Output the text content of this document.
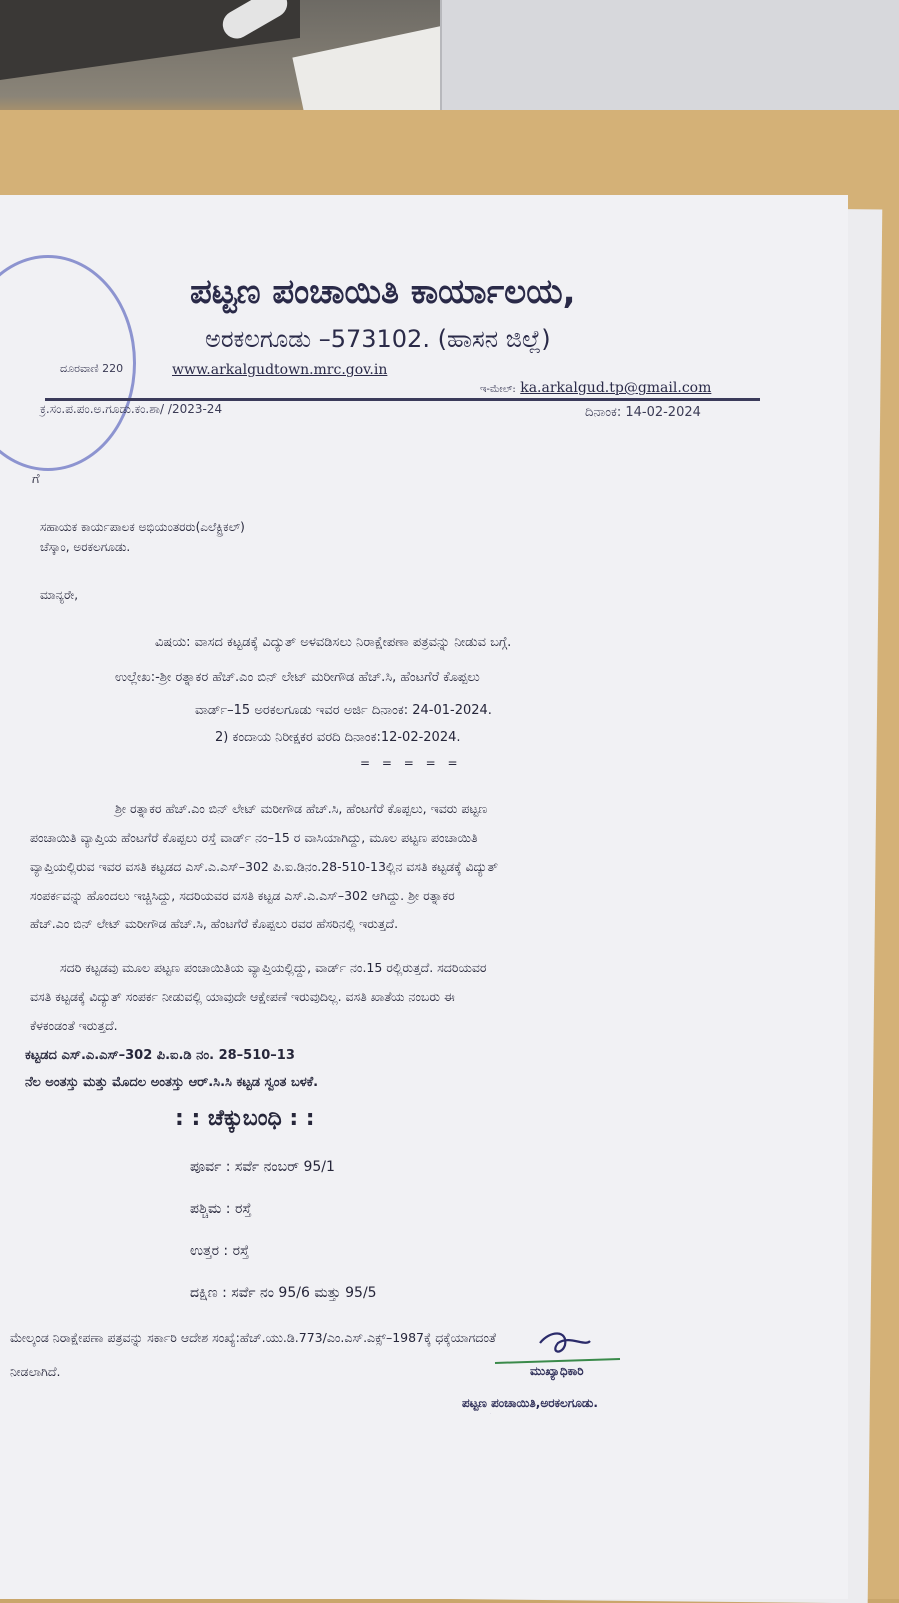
ಪಟ್ಟಣ ಪಂಚಾಯಿತಿ ಕಾರ್ಯಾಲಯ,
ಅರಕಲಗೂಡು –573102. (ಹಾಸನ ಜಿಲ್ಲೆ)
ದೂರವಾಣಿ 220	www.arkalgudtown.mrc.gov.in
ಇ-ಮೇಲ್: ka.arkalgud.tp@gmail.com
ಕ್ರ.ಸಂ.ಪ.ಪಂ.ಅ.ಗೂಡು.ಕಂ.ಶಾ/ /2023-24	ದಿನಾಂಕ: 14-02-2024
ಗೆ
ಸಹಾಯಕ ಕಾರ್ಯಪಾಲಕ ಅಭಿಯಂತರರು(ಎಲೆಕ್ಟ್ರಿಕಲ್)
ಚೆಸ್ಕಾಂ, ಅರಕಲಗೂಡು.
ಮಾನ್ಯರೇ,
ವಿಷಯ: ವಾಸದ ಕಟ್ಟಡಕ್ಕೆ ವಿದ್ಯುತ್ ಅಳವಡಿಸಲು ನಿರಾಕ್ಷೇಪಣಾ ಪತ್ರವನ್ನು ನೀಡುವ ಬಗ್ಗೆ.
ಉಲ್ಲೇಖ:-ಶ್ರೀ ರತ್ನಾಕರ ಹೆಚ್.ಎಂ ಬಿನ್ ಲೇಟ್ ಮರೀಗೌಡ ಹೆಚ್.ಸಿ, ಹೆಂಟಗೆರೆ ಕೊಪ್ಪಲು
ವಾರ್ಡ್–15 ಅರಕಲಗೂಡು ಇವರ ಅರ್ಜಿ ದಿನಾಂಕ: 24-01-2024.
2) ಕಂದಾಯ ನಿರೀಕ್ಷಕರ ವರದಿ ದಿನಾಂಕ:12-02-2024.
= = = = =
ಶ್ರೀ ರತ್ನಾಕರ ಹೆಚ್.ಎಂ ಬಿನ್ ಲೇಟ್ ಮರೀಗೌಡ ಹೆಚ್.ಸಿ, ಹೆಂಟಗೆರೆ ಕೊಪ್ಪಲು, ಇವರು ಪಟ್ಟಣ
ಪಂಚಾಯಿತಿ ವ್ಯಾಪ್ತಿಯ ಹೆಂಟಗೆರೆ ಕೊಪ್ಪಲು ರಸ್ತೆ ವಾರ್ಡ್ ನಂ–15 ರ ವಾಸಿಯಾಗಿದ್ದು, ಮೂಲ ಪಟ್ಟಣ ಪಂಚಾಯಿತಿ
ವ್ಯಾಪ್ತಿಯಲ್ಲಿರುವ ಇವರ ವಸತಿ ಕಟ್ಟಡದ ಎಸ್.ಎ.ಎಸ್–302 ಪಿ.ಐ.ಡಿನಂ.28-510-13ಲ್ಲಿನ ವಸತಿ ಕಟ್ಟಡಕ್ಕೆ ವಿದ್ಯುತ್
ಸಂಪರ್ಕವನ್ನು ಹೊಂದಲು ಇಚ್ಚಿಸಿದ್ದು, ಸದರಿಯವರ ವಸತಿ ಕಟ್ಟಡ ಎಸ್.ಎ.ಎಸ್–302 ಆಗಿದ್ದು. ಶ್ರೀ ರತ್ನಾಕರ
ಹೆಚ್.ಎಂ ಬಿನ್ ಲೇಟ್ ಮರೀಗೌಡ ಹೆಚ್.ಸಿ, ಹೆಂಟಗೆರೆ ಕೊಪ್ಪಲು ರವರ ಹೆಸರಿನಲ್ಲಿ ಇರುತ್ತದೆ.
ಸದರಿ ಕಟ್ಟಡವು ಮೂಲ ಪಟ್ಟಣ ಪಂಚಾಯಿತಿಯ ವ್ಯಾಪ್ತಿಯಲ್ಲಿದ್ದು, ವಾರ್ಡ್ ನಂ.15 ರಲ್ಲಿರುತ್ತದೆ. ಸದರಿಯವರ
ವಸತಿ ಕಟ್ಟಡಕ್ಕೆ ವಿದ್ಯುತ್ ಸಂಪರ್ಕ ನೀಡುವಲ್ಲಿ ಯಾವುದೇ ಆಕ್ಷೇಪಣೆ ಇರುವುದಿಲ್ಲ. ವಸತಿ ಖಾತೆಯ ನಂಬರು ಈ
ಕೆಳಕಂಡಂತೆ ಇರುತ್ತದೆ.
ಕಟ್ಟಡದ ಎಸ್.ಎ.ಎಸ್–302 ಪಿ.ಐ.ಡಿ ನಂ. 28–510–13
ನೆಲ ಅಂತಸ್ತು ಮತ್ತು ಮೊದಲ ಅಂತಸ್ತು ಆರ್.ಸಿ.ಸಿ ಕಟ್ಟಡ ಸ್ವಂತ ಬಳಕೆ.
: : ಚೆಕ್ಕುಬಂಧಿ : :
ಪೂರ್ವ : ಸರ್ವೆ ನಂಬರ್ 95/1
ಪಶ್ಚಿಮ : ರಸ್ತೆ
ಉತ್ತರ : ರಸ್ತೆ
ದಕ್ಷಿಣ : ಸರ್ವೆ ನಂ 95/6 ಮತ್ತು 95/5
ಮೇಲ್ಕಂಡ ನಿರಾಕ್ಷೇಪಣಾ ಪತ್ರವನ್ನು ಸರ್ಕಾರಿ ಆದೇಶ ಸಂಖ್ಯೆ:ಹೆಚ್.ಯು.ಡಿ.773/ಎಂ.ಎಸ್.ಎಕ್ಸ್–1987ಕ್ಕೆ ಧಕ್ಕೆಯಾಗದಂತೆ
ನೀಡಲಾಗಿದೆ.	ಮುಖ್ಯಾಧಿಕಾರಿ
ಪಟ್ಟಣ ಪಂಚಾಯಿತಿ,ಅರಕಲಗೂಡು.
